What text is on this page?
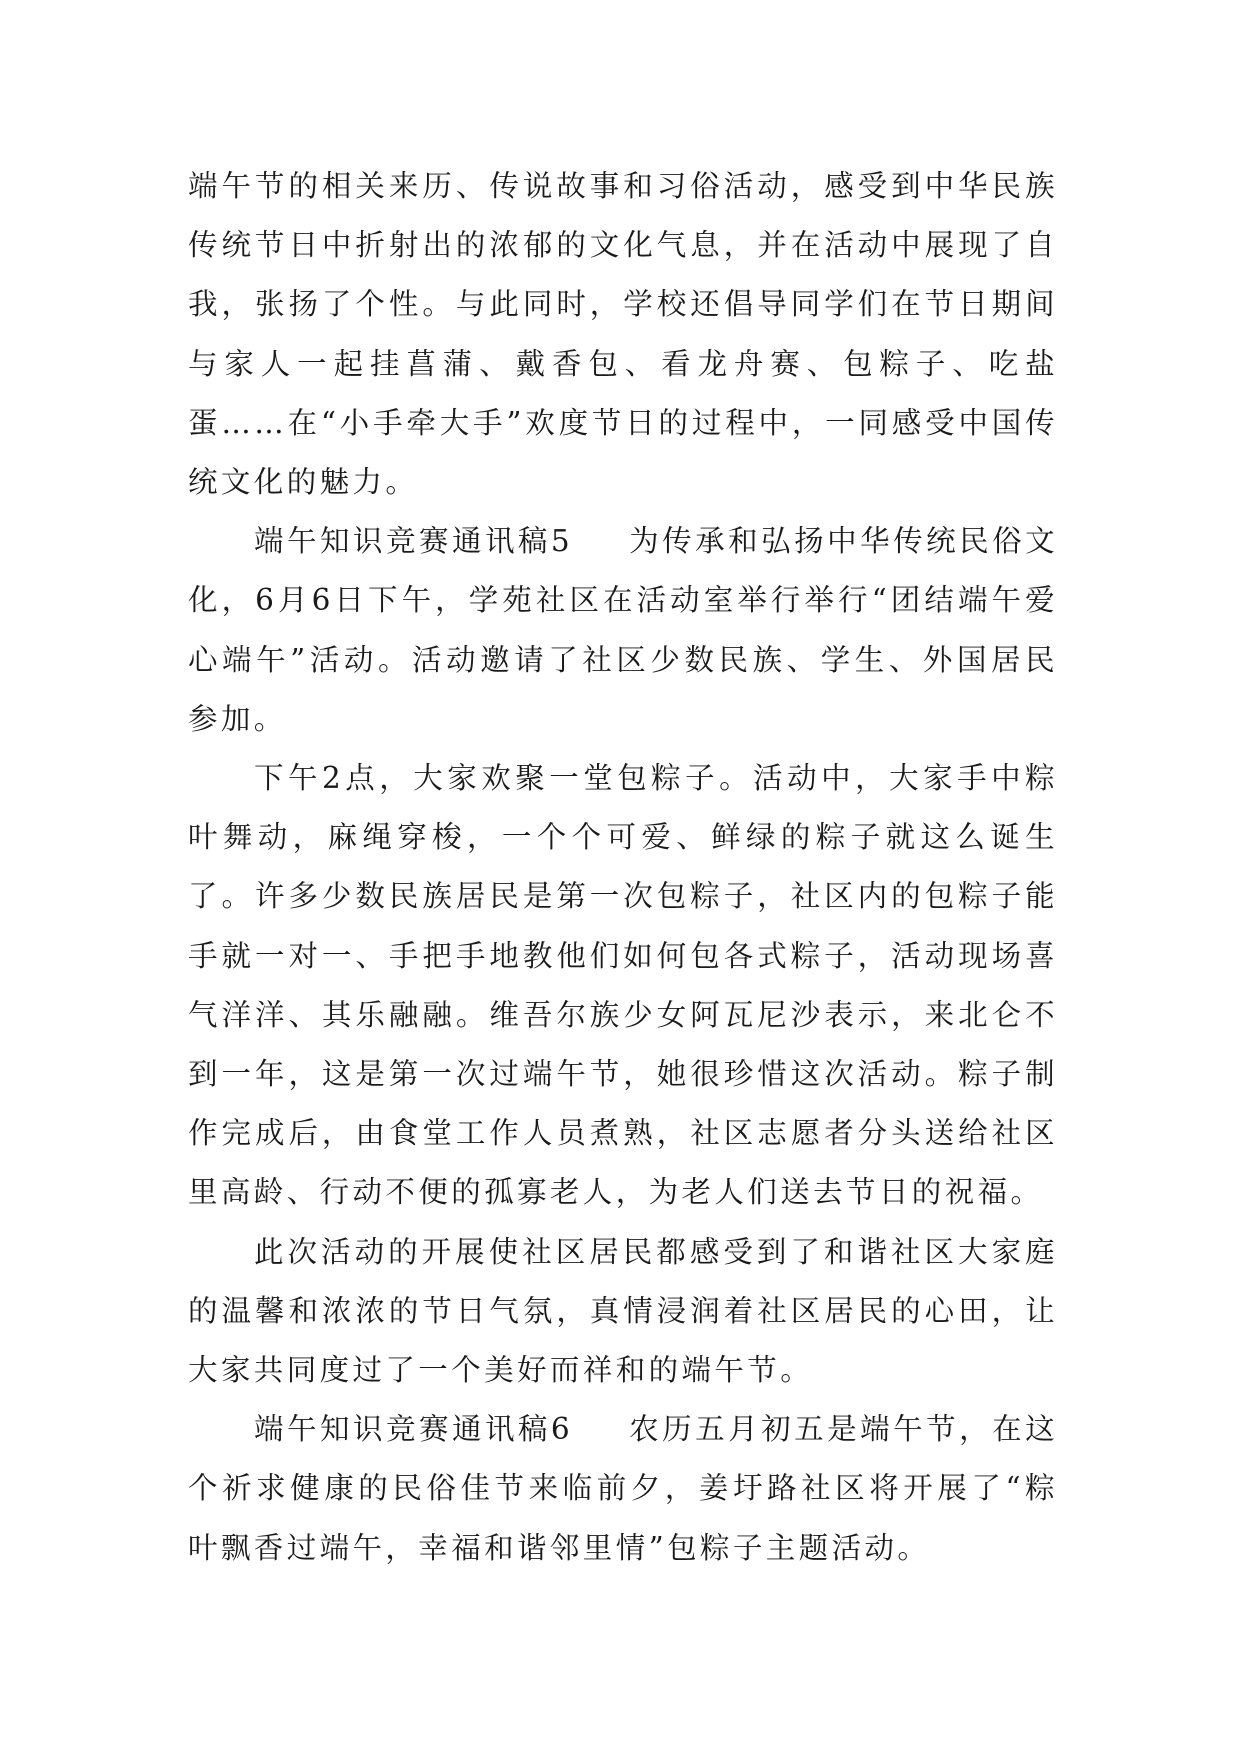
端午节的相关来历、传说故事和习俗活动，感受到中华民族传统节日中折射出的浓郁的文化气息，并在活动中展现了自我，张扬了个性。与此同时，学校还倡导同学们在节日期间与家人一起挂菖蒲、戴香包、看龙舟赛、包粽子、吃盐蛋……在“小手牵大手”欢度节日的过程中，一同感受中国传统文化的魅力。

端午知识竞赛通讯稿5 为传承和弘扬中华传统民俗文化，6月6日下午，学苑社区在活动室举行举行“团结端午爱心端午”活动。活动邀请了社区少数民族、学生、外国居民参加。

下午2点，大家欢聚一堂包粽子。活动中，大家手中粽叶舞动，麻绳穿梭，一个个可爱、鲜绿的粽子就这么诞生了。许多少数民族居民是第一次包粽子，社区内的包粽子能手就一对一、手把手地教他们如何包各式粽子，活动现场喜气洋洋、其乐融融。维吾尔族少女阿瓦尼沙表示，来北仑不到一年，这是第一次过端午节，她很珍惜这次活动。粽子制作完成后，由食堂工作人员煮熟，社区志愿者分头送给社区里高龄、行动不便的孤寡老人，为老人们送去节日的祝福。

此次活动的开展使社区居民都感受到了和谐社区大家庭的温馨和浓浓的节日气氛，真情浸润着社区居民的心田，让大家共同度过了一个美好而祥和的端午节。

端午知识竞赛通讯稿6 农历五月初五是端午节，在这个祈求健康的民俗佳节来临前夕，姜圩路社区将开展了“粽叶飘香过端午，幸福和谐邻里情”包粽子主题活动。
